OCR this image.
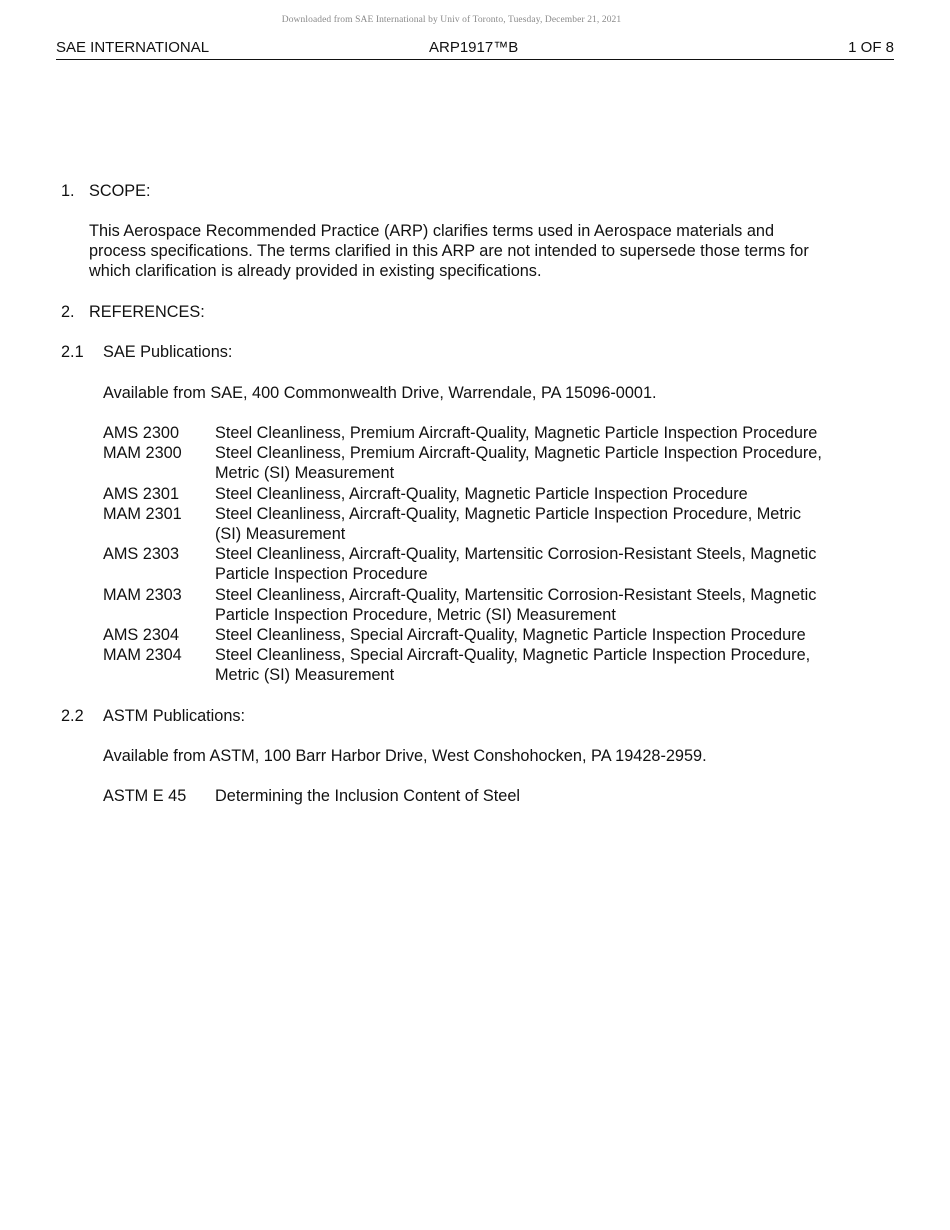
Downloaded from SAE International by Univ of Toronto, Tuesday, December 21, 2021
SAE INTERNATIONAL	ARP1917™B	1 OF 8
1. SCOPE:

This Aerospace Recommended Practice (ARP) clarifies terms used in Aerospace materials and

process specifications. The terms clarified in this ARP are not intended to supersede those terms for

which clarification is already provided in existing specifications.

2. REFERENCES:
2.1 SAE Publications:
Available from SAE, 400 Commonwealth Drive, Warrendale, PA 15096-0001.
AMS 2300	Steel Cleanliness, Premium Aircraft-Quality, Magnetic Particle Inspection Procedure
MAM 2300	Steel Cleanliness, Premium Aircraft-Quality, Magnetic Particle Inspection Procedure,
Metric (SI) Measurement
AMS 2301	Steel Cleanliness, Aircraft-Quality, Magnetic Particle Inspection Procedure
MAM 2301	Steel Cleanliness, Aircraft-Quality, Magnetic Particle Inspection Procedure, Metric
(SI) Measurement
AMS 2303	Steel Cleanliness, Aircraft-Quality, Martensitic Corrosion-Resistant Steels, Magnetic
Particle Inspection Procedure
MAM 2303	Steel Cleanliness, Aircraft-Quality, Martensitic Corrosion-Resistant Steels, Magnetic
Particle Inspection Procedure, Metric (SI) Measurement
AMS 2304	Steel Cleanliness, Special Aircraft-Quality, Magnetic Particle Inspection Procedure
MAM 2304	Steel Cleanliness, Special Aircraft-Quality, Magnetic Particle Inspection Procedure,
Metric (SI) Measurement
2.2 ASTM Publications:
Available from ASTM, 100 Barr Harbor Drive, West Conshohocken, PA 19428-2959.
ASTM E 45	Determining the Inclusion Content of Steel
